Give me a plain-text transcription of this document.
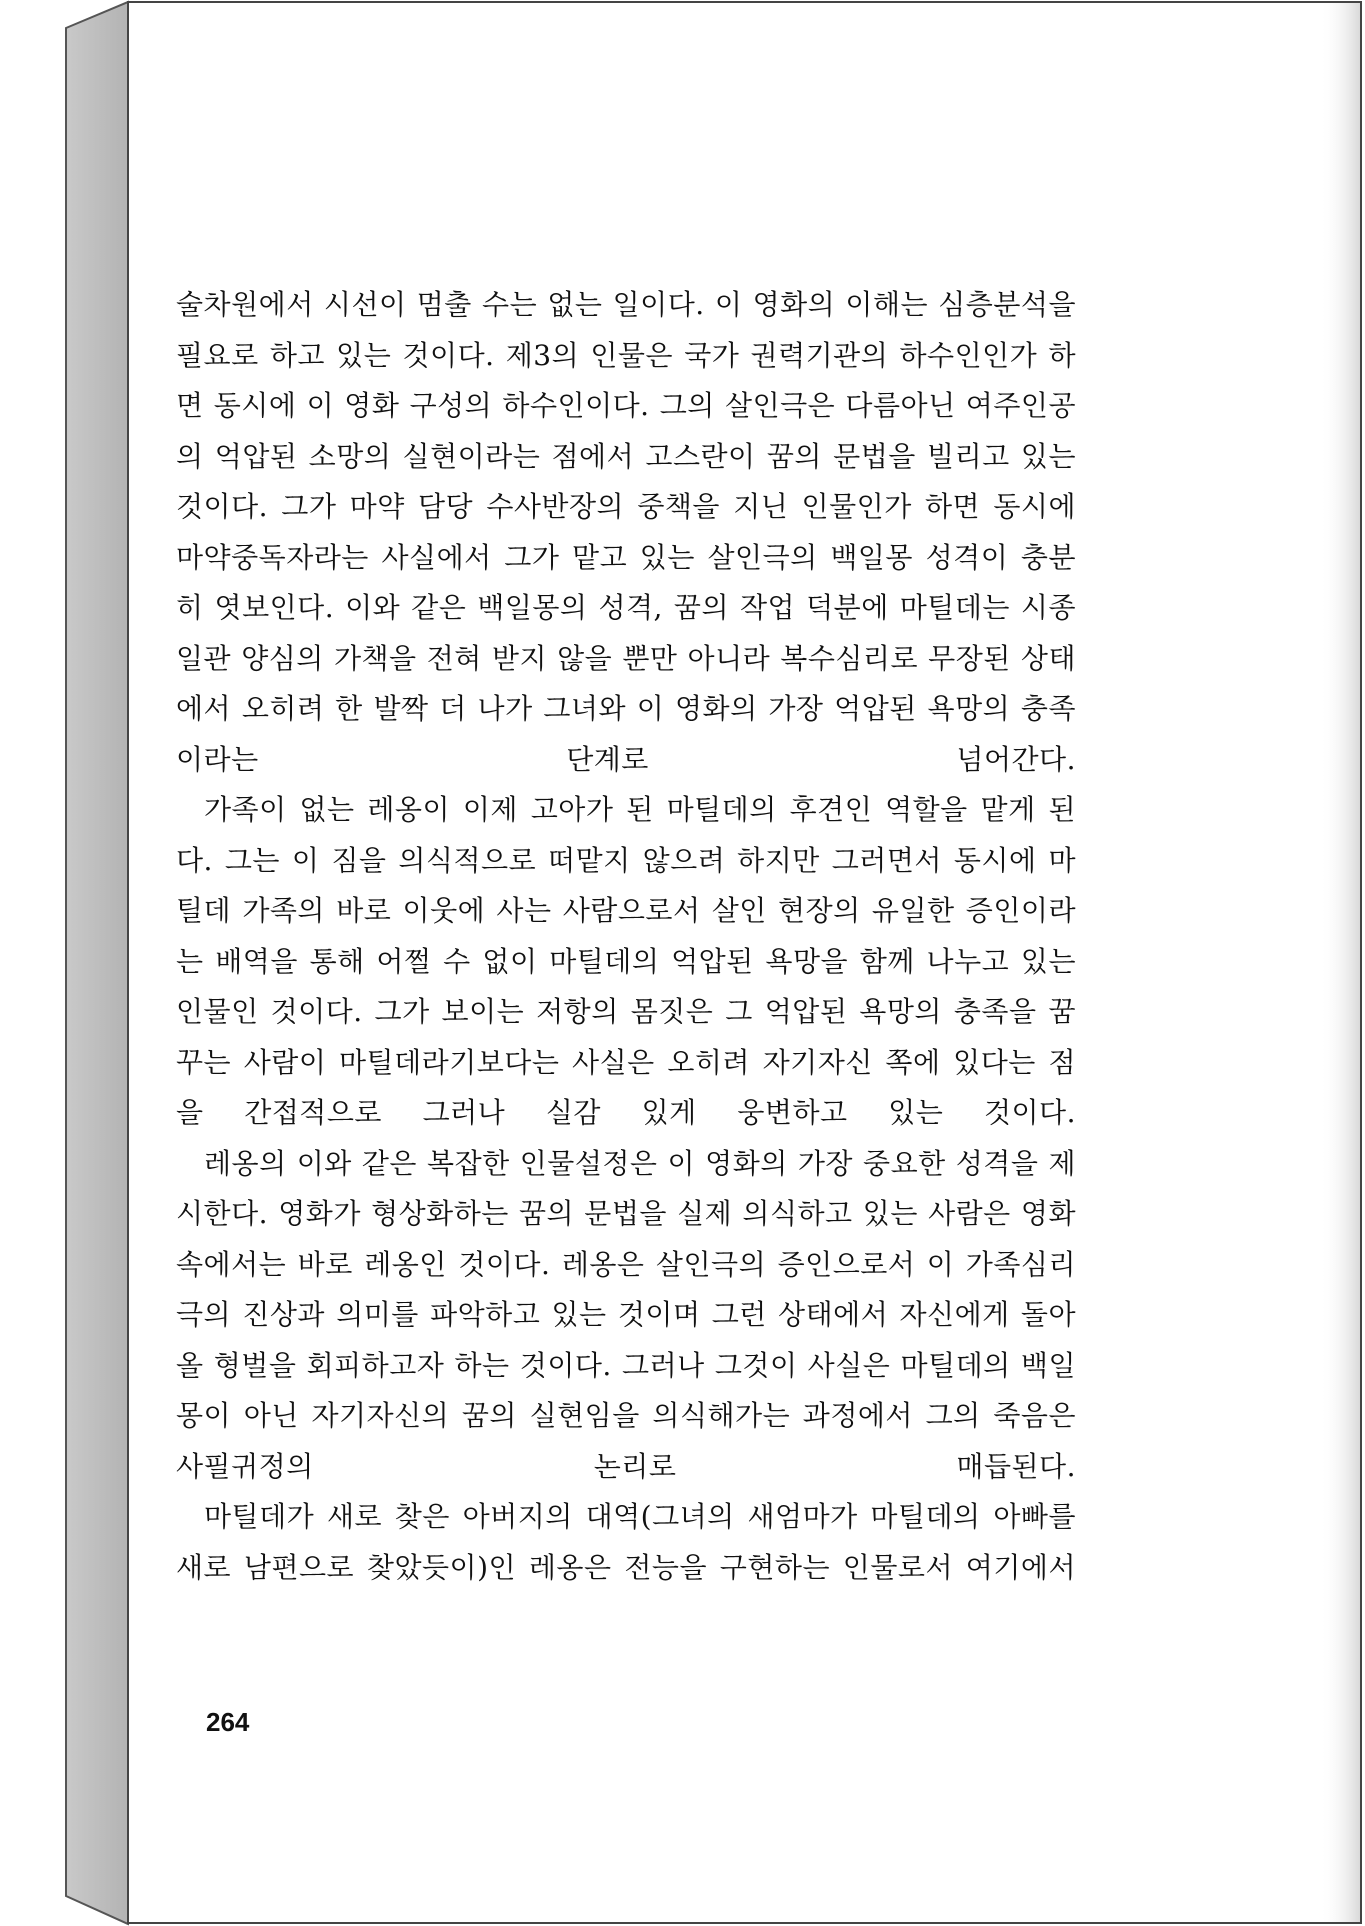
술차원에서 시선이 멈출 수는 없는 일이다. 이 영화의 이해는 심층분석을 필요로 하고 있는 것이다. 제3의 인물은 국가 권력기관의 하수인인가 하면 동시에 이 영화 구성의 하수인이다. 그의 살인극은 다름아닌 여주인공의 억압된 소망의 실현이라는 점에서 고스란이 꿈의 문법을 빌리고 있는 것이다. 그가 마약 담당 수사반장의 중책을 지닌 인물인가 하면 동시에 마약중독자라는 사실에서 그가 맡고 있는 살인극의 백일몽 성격이 충분히 엿보인다. 이와 같은 백일몽의 성격, 꿈의 작업 덕분에 마틸데는 시종일관 양심의 가책을 전혀 받지 않을 뿐만 아니라 복수심리로 무장된 상태에서 오히려 한 발짝 더 나가 그녀와 이 영화의 가장 억압된 욕망의 충족이라는 단계로 넘어간다.

가족이 없는 레옹이 이제 고아가 된 마틸데의 후견인 역할을 맡게 된다. 그는 이 짐을 의식적으로 떠맡지 않으려 하지만 그러면서 동시에 마틸데 가족의 바로 이웃에 사는 사람으로서 살인 현장의 유일한 증인이라는 배역을 통해 어쩔 수 없이 마틸데의 억압된 욕망을 함께 나누고 있는 인물인 것이다. 그가 보이는 저항의 몸짓은 그 억압된 욕망의 충족을 꿈꾸는 사람이 마틸데라기보다는 사실은 오히려 자기자신 쪽에 있다는 점을 간접적으로 그러나 실감 있게 웅변하고 있는 것이다.

레옹의 이와 같은 복잡한 인물설정은 이 영화의 가장 중요한 성격을 제시한다. 영화가 형상화하는 꿈의 문법을 실제 의식하고 있는 사람은 영화 속에서는 바로 레옹인 것이다. 레옹은 살인극의 증인으로서 이 가족심리극의 진상과 의미를 파악하고 있는 것이며 그런 상태에서 자신에게 돌아올 형벌을 회피하고자 하는 것이다. 그러나 그것이 사실은 마틸데의 백일몽이 아닌 자기자신의 꿈의 실현임을 의식해가는 과정에서 그의 죽음은 사필귀정의 논리로 매듭된다.

마틸데가 새로 찾은 아버지의 대역(그녀의 새엄마가 마틸데의 아빠를 새로 남편으로 찾았듯이)인 레옹은 전능을 구현하는 인물로서 여기에서

264
